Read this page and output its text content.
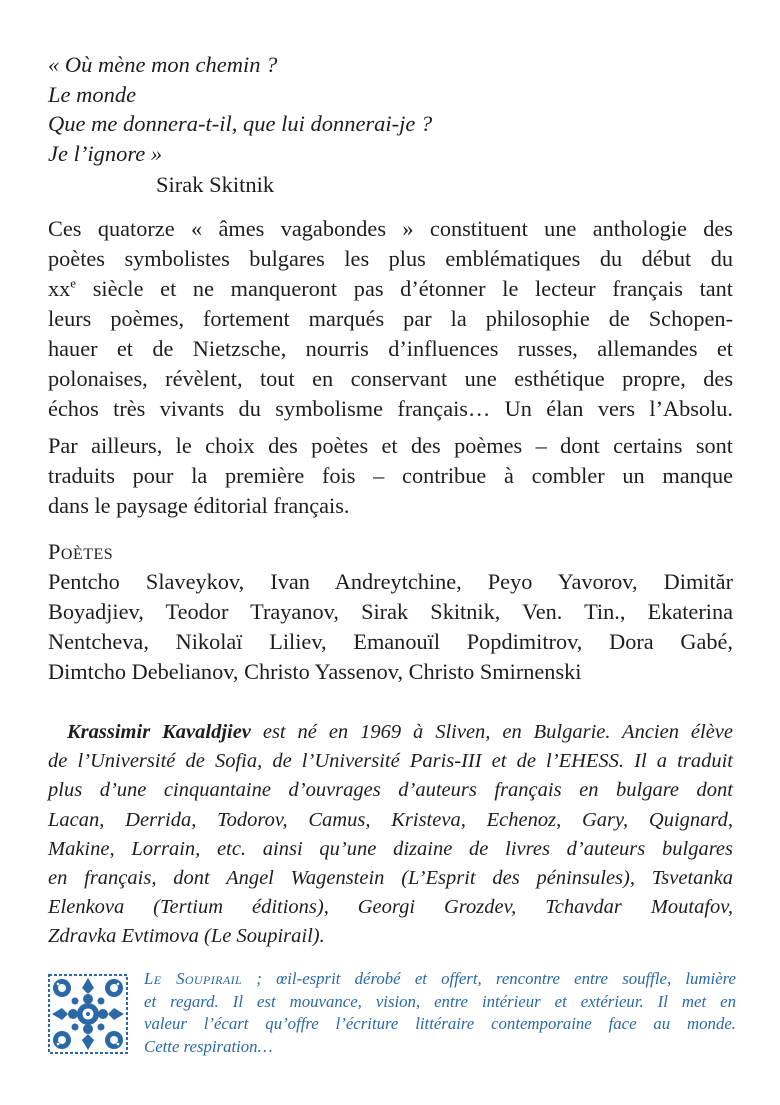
« Où mène mon chemin ?
Le monde
Que me donnera-t-il, que lui donnerai-je ?
Je l’ignore »
Sirak Skitnik
Ces quatorze « âmes vagabondes » constituent une anthologie des
poètes symbolistes bulgares les plus emblématiques du début du
$xx^e$ siècle et ne manqueront pas d’étonner le lecteur français tant
leurs poèmes, fortement marqués par la philosophie de Schopen-
hauer et de Nietzsche, nourris d’influences russes, allemandes et
polonaises, révèlent, tout en conservant une esthétique propre, des
échos très vivants du symbolisme français… Un élan vers l’Absolu.
Par ailleurs, le choix des poètes et des poèmes – dont certains sont
traduits pour la première fois – contribue à combler un manque
dans le paysage éditorial français.
Poètes
Pentcho Slaveykov, Ivan Andreytchine, Peyo Yavorov, Dimităr
Boyadjiev, Teodor Trayanov, Sirak Skitnik, Ven. Tin., Ekaterina
Nentcheva, Nikolaï Liliev, Emanouïl Popdimitrov, Dora Gabé,
Dimtcho Debelianov, Christo Yassenov, Christo Smirnenski
Krassimir Kavaldjiev est né en 1969 à Sliven, en Bulgarie. Ancien élève
de l’Université de Sofia, de l’Université Paris-III et de l’EHESS. Il a traduit
plus d’une cinquantaine d’ouvrages d’auteurs français en bulgare dont
Lacan, Derrida, Todorov, Camus, Kristeva, Echenoz, Gary, Quignard,
Makine, Lorrain, etc. ainsi qu’une dizaine de livres d’auteurs bulgares
en français, dont Angel Wagenstein (L’Esprit des péninsules), Tsvetanka
Elenkova (Tertium éditions), Georgi Grozdev, Tchavdar Moutafov,
Zdravka Evtimova (Le Soupirail).
Le Soupirail ; œil-esprit dérobé et offert, rencontre entre souffle, lumière
et regard. Il est mouvance, vision, entre intérieur et extérieur. Il met en
valeur l’écart qu’offre l’écriture littéraire contemporaine face au monde.
Cette respiration…
